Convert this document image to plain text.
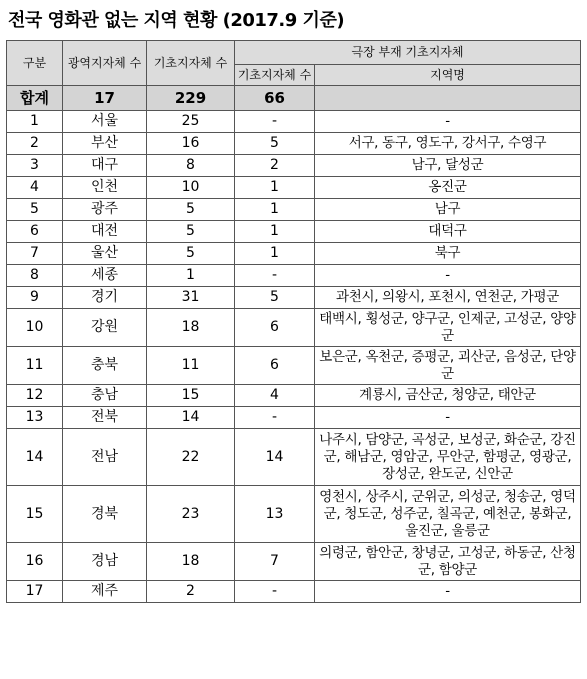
전국 영화관 없는 지역 현황 (2017.9 기준)
구분	광역지자체 수	기초지자체 수	극장 부재 기초지자체	
			기초지자체 수	지역명
합계	17	229	66	
1	서울	25	-	-
2	부산	16	5	서구, 동구, 영도구, 강서구, 수영구
3	대구	8	2	남구, 달성군
4	인천	10	1	옹진군
5	광주	5	1	남구
6	대전	5	1	대덕구
7	울산	5	1	북구
8	세종	1	-	-
9	경기	31	5	과천시, 의왕시, 포천시, 연천군, 가평군
10	강원	18	6	태백시, 횡성군, 양구군, 인제군, 고성군, 양양군
11	충북	11	6	보은군, 옥천군, 증평군, 괴산군, 음성군, 단양군
12	충남	15	4	계룡시, 금산군, 청양군, 태안군
13	전북	14	-	-
14	전남	22	14	나주시, 담양군, 곡성군, 보성군, 화순군, 강진군, 해남군, 영암군, 무안군, 함평군, 영광군, 장성군, 완도군, 신안군
15	경북	23	13	영천시, 상주시, 군위군, 의성군, 청송군, 영덕군, 청도군, 성주군, 칠곡군, 예천군, 봉화군, 울진군, 울릉군
16	경남	18	7	의령군, 함안군, 창녕군, 고성군, 하동군, 산청군, 함양군
17	제주	2	-	-
